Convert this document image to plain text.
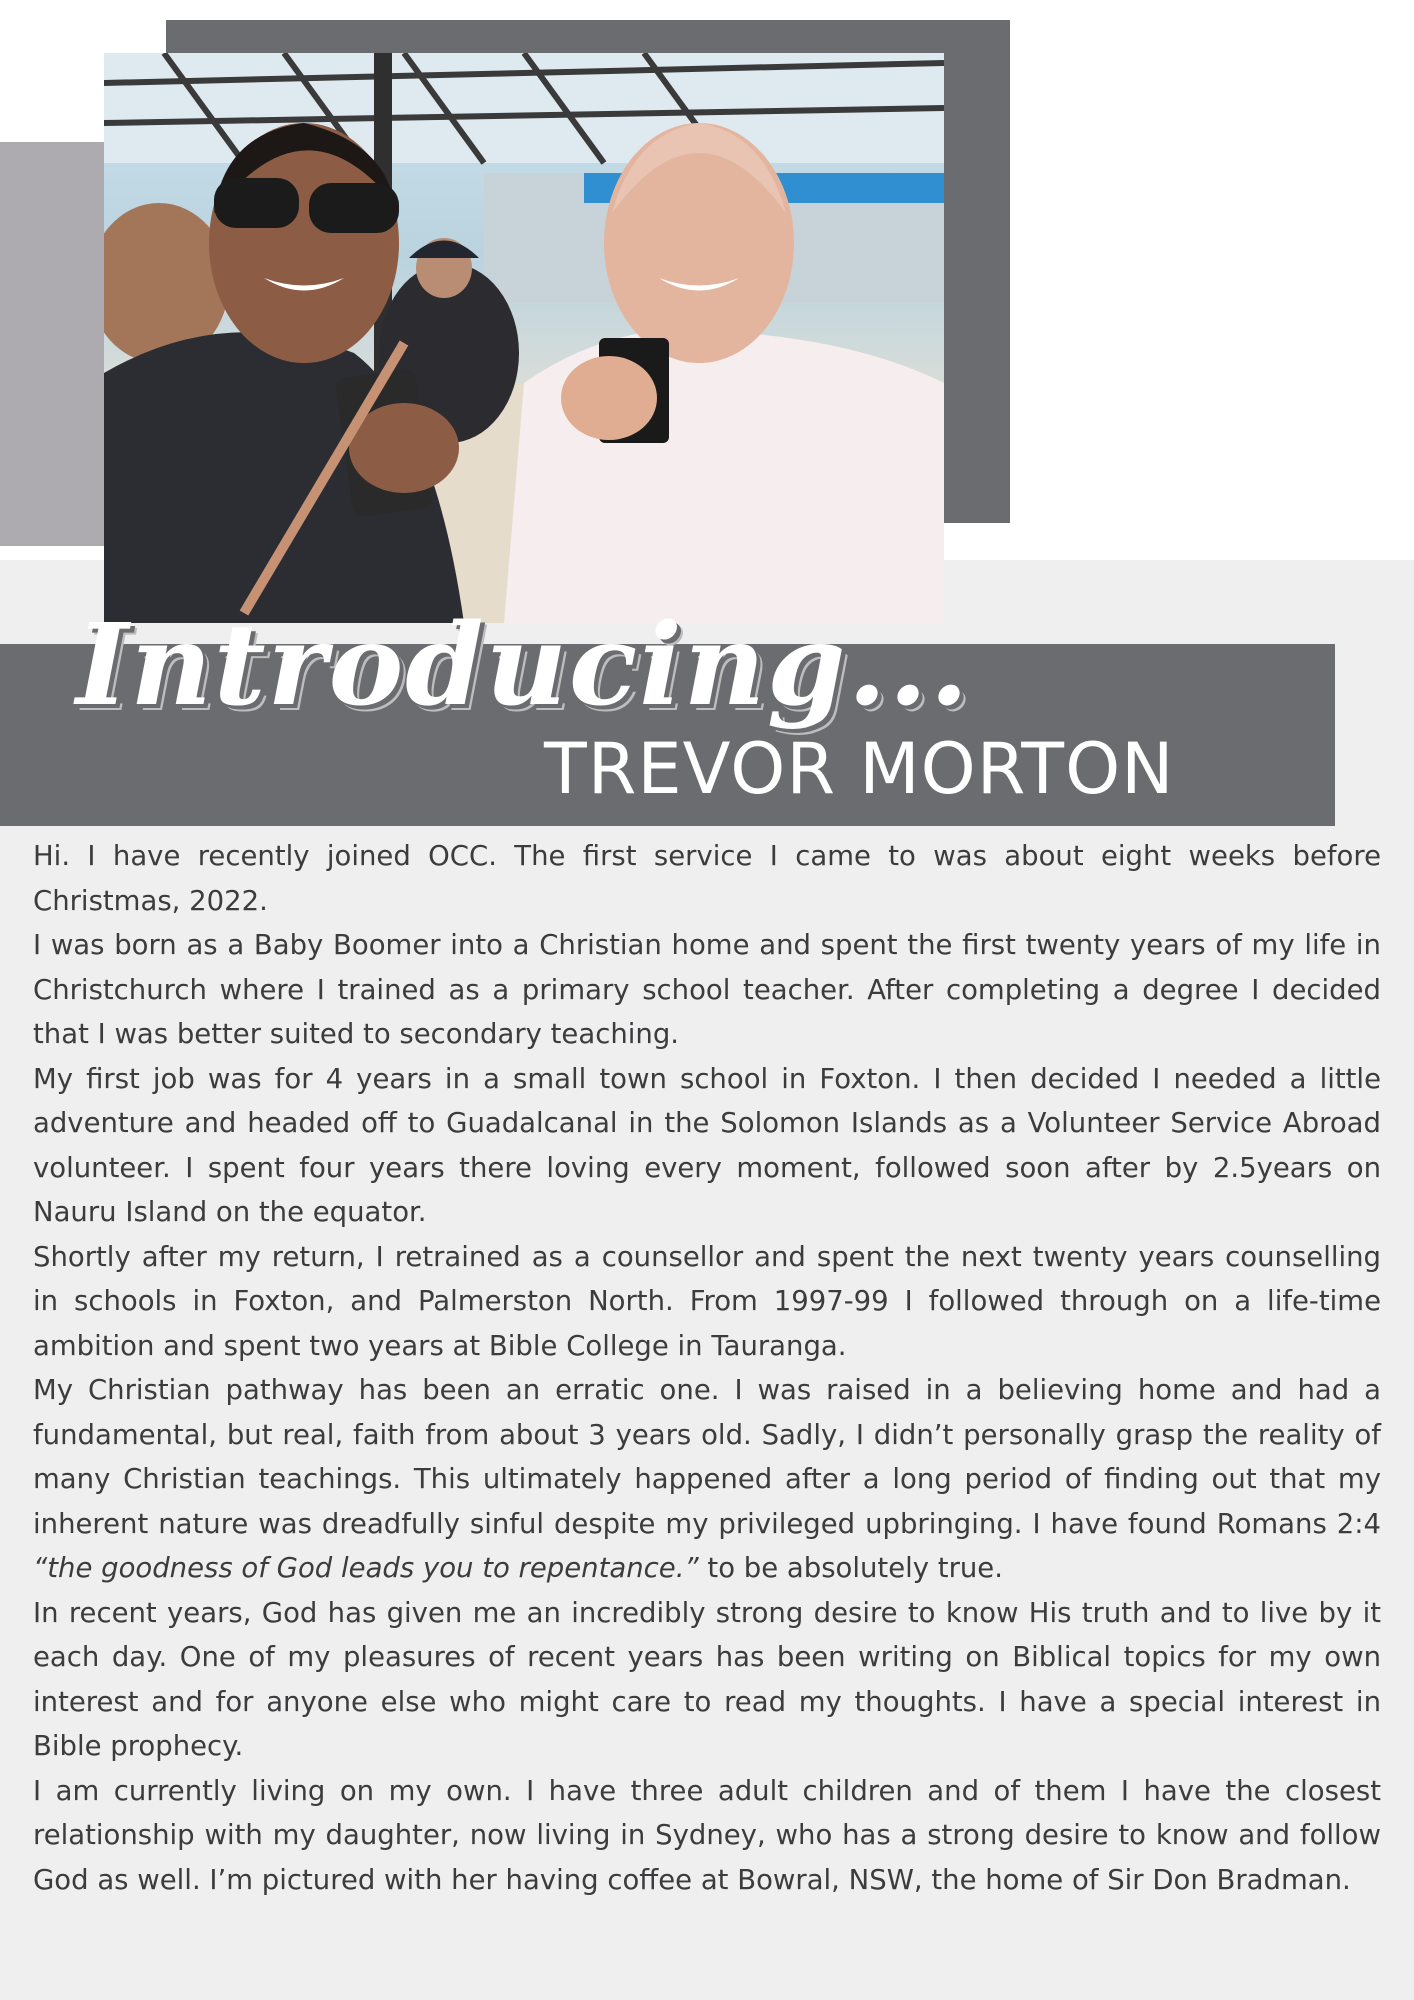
Introducing...
TREVOR MORTON

Hi. I have recently joined OCC. The first service I came to was about eight weeks before Christmas, 2022.

I was born as a Baby Boomer into a Christian home and spent the first twenty years of my life in Christchurch where I trained as a primary school teacher. After completing a degree I decided that I was better suited to secondary teaching.

My first job was for 4 years in a small town school in Foxton. I then decided I needed a little adventure and headed off to Guadalcanal in the Solomon Islands as a Volunteer Service Abroad volunteer. I spent four years there loving every moment, followed soon after by 2.5years on Nauru Island on the equator.

Shortly after my return, I retrained as a counsellor and spent the next twenty years counselling in schools in Foxton, and Palmerston North. From 1997-99 I followed through on a life-time ambition and spent two years at Bible College in Tauranga.

My Christian pathway has been an erratic one. I was raised in a believing home and had a fundamental, but real, faith from about 3 years old. Sadly, I didn’t personally grasp the reality of many Christian teachings. This ultimately happened after a long period of finding out that my inherent nature was dreadfully sinful despite my privileged upbringing. I have found Romans 2:4 “the goodness of God leads you to repentance.” to be absolutely true.

In recent years, God has given me an incredibly strong desire to know His truth and to live by it each day. One of my pleasures of recent years has been writing on Biblical topics for my own interest and for anyone else who might care to read my thoughts. I have a special interest in Bible prophecy.

I am currently living on my own. I have three adult children and of them I have the closest relationship with my daughter, now living in Sydney, who has a strong desire to know and follow God as well. I’m pictured with her having coffee at Bowral, NSW, the home of Sir Don Bradman.
